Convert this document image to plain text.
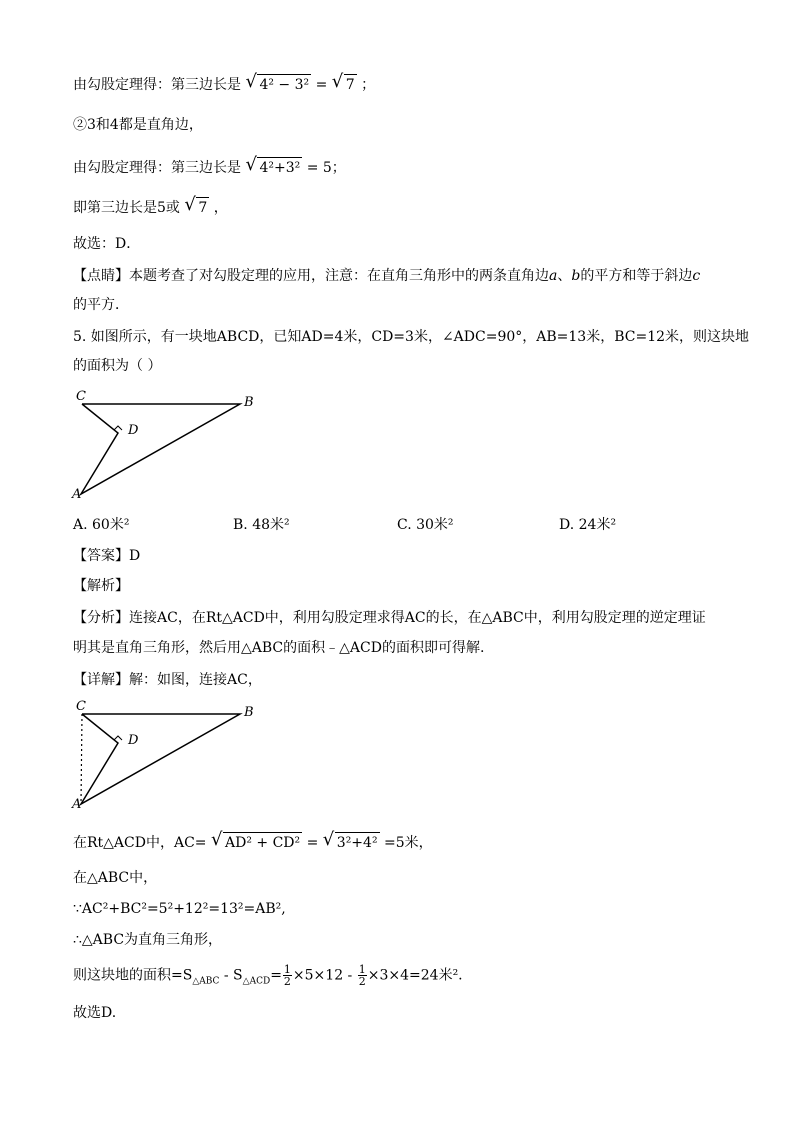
由勾股定理得：第三边长是 √ 4² − 3² = √ 7 ；
②3和4都是直角边，
由勾股定理得：第三边长是 √ 4²+3² = 5；
即第三边长是5或 √ 7 ，
故选：D．
【点睛】本题考查了对勾股定理的应用，注意：在直角三角形中的两条直角边a、b的平方和等于斜边c
的平方．
5. 如图所示，有一块地ABCD，已知AD=4米，CD=3米，∠ADC=90°，AB=13米，BC=12米，则这块地
的面积为（ ）
C	B
D
A
A. 60米²	B. 48米²	C. 30米²	D. 24米²
【答案】D
【解析】
【分析】连接AC，在Rt△ACD中，利用勾股定理求得AC的长，在△ABC中，利用勾股定理的逆定理证
明其是直角三角形，然后用△ABC的面积﹣△ACD的面积即可得解.
【详解】解：如图，连接AC，
C	B
D
A
在Rt△ACD中，AC= √ AD² + CD² = √ 3²+4² =5米，
在△ABC中，
∵AC²+BC²=5²+12²=13²=AB²,
∴△ABC为直角三角形，
则这块地的面积$=S_{\triangle ABC} - S_{\triangle ACD}= \frac{1}{2} \times 5\times 12 - \frac{1}{2} \times 3\times 4=24$米².
故选D.
